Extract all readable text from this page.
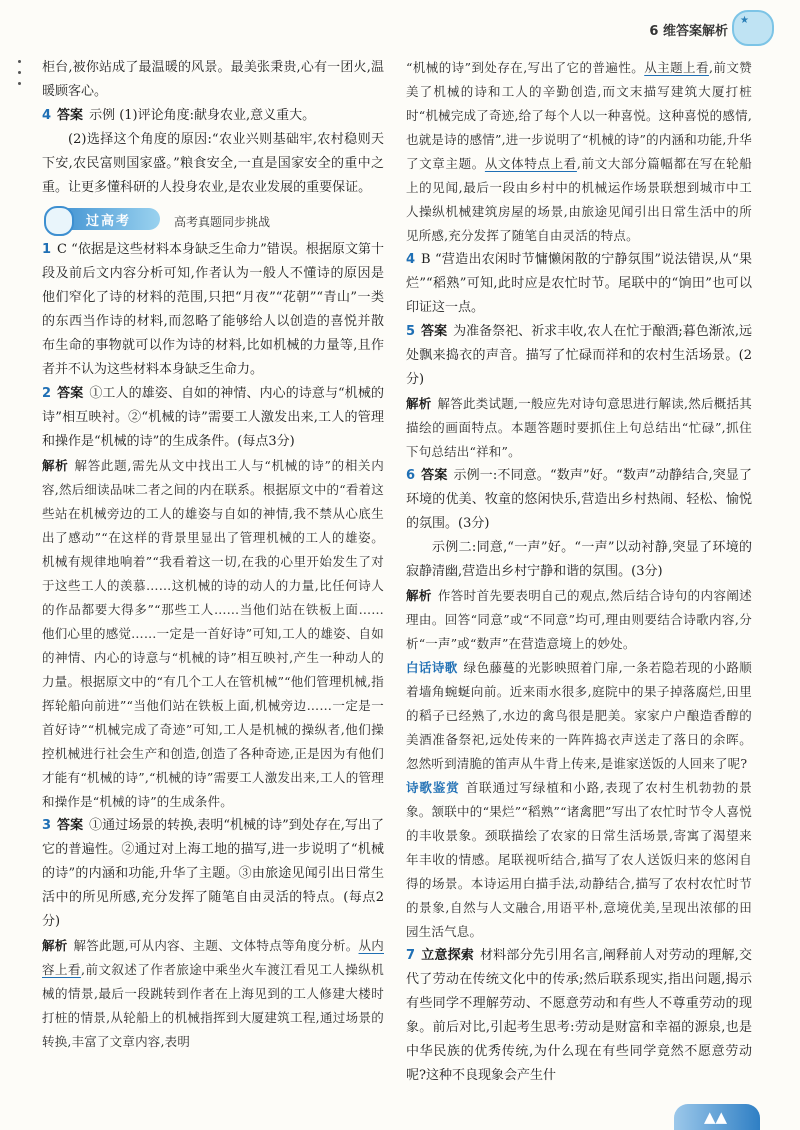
6 维答案解析
★

柜台,被你站成了最温暖的风景。最美张秉贵,心有一团火,温暖顾客心。

4 答案 示例 (1)评论角度:献身农业,意义重大。

(2)选择这个角度的原因:“农业兴则基础牢,农村稳则天下安,农民富则国家盛。”粮食安全,一直是国家安全的重中之重。让更多懂科研的人投身农业,是农业发展的重要保证。

过高考	高考真题同步挑战

1 C “依据是这些材料本身缺乏生命力”错误。根据原文第十段及前后文内容分析可知,作者认为一般人不懂诗的原因是他们窄化了诗的材料的范围,只把“月夜”“花朝”“青山”一类的东西当作诗的材料,而忽略了能够给人以创造的喜悦并散布生命的事物就可以作为诗的材料,比如机械的力量等,且作者并不认为这些材料本身缺乏生命力。

2 答案 ①工人的雄姿、自如的神情、内心的诗意与“机械的诗”相互映衬。②“机械的诗”需要工人激发出来,工人的管理和操作是“机械的诗”的生成条件。(每点3分)

解析 解答此题,需先从文中找出工人与“机械的诗”的相关内容,然后细读品味二者之间的内在联系。根据原文中的“看着这些站在机械旁边的工人的雄姿与自如的神情,我不禁从心底生出了感动”“在这样的背景里显出了管理机械的工人的雄姿。机械有规律地响着”“我看着这一切,在我的心里开始发生了对于这些工人的羡慕……这机械的诗的动人的力量,比任何诗人的作品都要大得多”“那些工人……当他们站在铁板上面……他们心里的感觉……一定是一首好诗”可知,工人的雄姿、自如的神情、内心的诗意与“机械的诗”相互映衬,产生一种动人的力量。根据原文中的“有几个工人在管机械”“他们管理机械,指挥轮船向前进”“当他们站在铁板上面,机械旁边……一定是一首好诗”“机械完成了奇迹”可知,工人是机械的操纵者,他们操控机械进行社会生产和创造,创造了各种奇迹,正是因为有他们才能有“机械的诗”,“机械的诗”需要工人激发出来,工人的管理和操作是“机械的诗”的生成条件。

3 答案 ①通过场景的转换,表明“机械的诗”到处存在,写出了它的普遍性。②通过对上海工地的描写,进一步说明了“机械的诗”的内涵和功能,升华了主题。③由旅途见闻引出日常生活中的所见所感,充分发挥了随笔自由灵活的特点。(每点2分)

解析 解答此题,可从内容、主题、文体特点等角度分析。从内容上看,前文叙述了作者旅途中乘坐火车渡江看见工人操纵机械的情景,最后一段跳转到作者在上海见到的工人修建大楼时打桩的情景,从轮船上的机械指挥到大厦建筑工程,通过场景的转换,丰富了文章内容,表明

“机械的诗”到处存在,写出了它的普遍性。从主题上看,前文赞美了机械的诗和工人的辛勤创造,而文末描写建筑大厦打桩时“机械完成了奇迹,给了每个人以一种喜悦。这种喜悦的感情,也就是诗的感情”,进一步说明了“机械的诗”的内涵和功能,升华了文章主题。从文体特点上看,前文大部分篇幅都在写在轮船上的见闻,最后一段由乡村中的机械运作场景联想到城市中工人操纵机械建筑房屋的场景,由旅途见闻引出日常生活中的所见所感,充分发挥了随笔自由灵活的特点。

4 B “营造出农闲时节慵懒闲散的宁静氛围”说法错误,从“果烂”“稻熟”可知,此时应是农忙时节。尾联中的“饷田”也可以印证这一点。

5 答案 为准备祭祀、祈求丰收,农人在忙于酿酒;暮色渐浓,远处飘来捣衣的声音。描写了忙碌而祥和的农村生活场景。(2分)

解析 解答此类试题,一般应先对诗句意思进行解读,然后概括其描绘的画面特点。本题答题时要抓住上句总结出“忙碌”,抓住下句总结出“祥和”。

6 答案 示例一:不同意。“数声”好。“数声”动静结合,突显了环境的优美、牧童的悠闲快乐,营造出乡村热闹、轻松、愉悦的氛围。(3分)

示例二:同意,“一声”好。“一声”以动衬静,突显了环境的寂静清幽,营造出乡村宁静和谐的氛围。(3分)

解析 作答时首先要表明自己的观点,然后结合诗句的内容阐述理由。回答“同意”或“不同意”均可,理由则要结合诗歌内容,分析“一声”或“数声”在营造意境上的妙处。

白话诗歌 绿色藤蔓的光影映照着门扉,一条若隐若现的小路顺着墙角蜿蜒向前。近来雨水很多,庭院中的果子掉落腐烂,田里的稻子已经熟了,水边的禽鸟很是肥美。家家户户酿造香醇的美酒准备祭祀,远处传来的一阵阵捣衣声送走了落日的余晖。忽然听到清脆的笛声从牛背上传来,是谁家送饭的人回来了呢?

诗歌鉴赏 首联通过写绿植和小路,表现了农村生机勃勃的景象。颔联中的“果烂”“稻熟”“诸禽肥”写出了农忙时节令人喜悦的丰收景象。颈联描绘了农家的日常生活场景,寄寓了渴望来年丰收的情感。尾联视听结合,描写了农人送饭归来的悠闲自得的场景。本诗运用白描手法,动静结合,描写了农村农忙时节的景象,自然与人文融合,用语平朴,意境优美,呈现出浓郁的田园生活气息。

7 立意探索 材料部分先引用名言,阐释前人对劳动的理解,交代了劳动在传统文化中的传承;然后联系现实,指出问题,揭示有些同学不理解劳动、不愿意劳动和有些人不尊重劳动的现象。前后对比,引起考生思考:劳动是财富和幸福的源泉,也是中华民族的优秀传统,为什么现在有些同学竟然不愿意劳动呢?这种不良现象会产生什

▲▲
